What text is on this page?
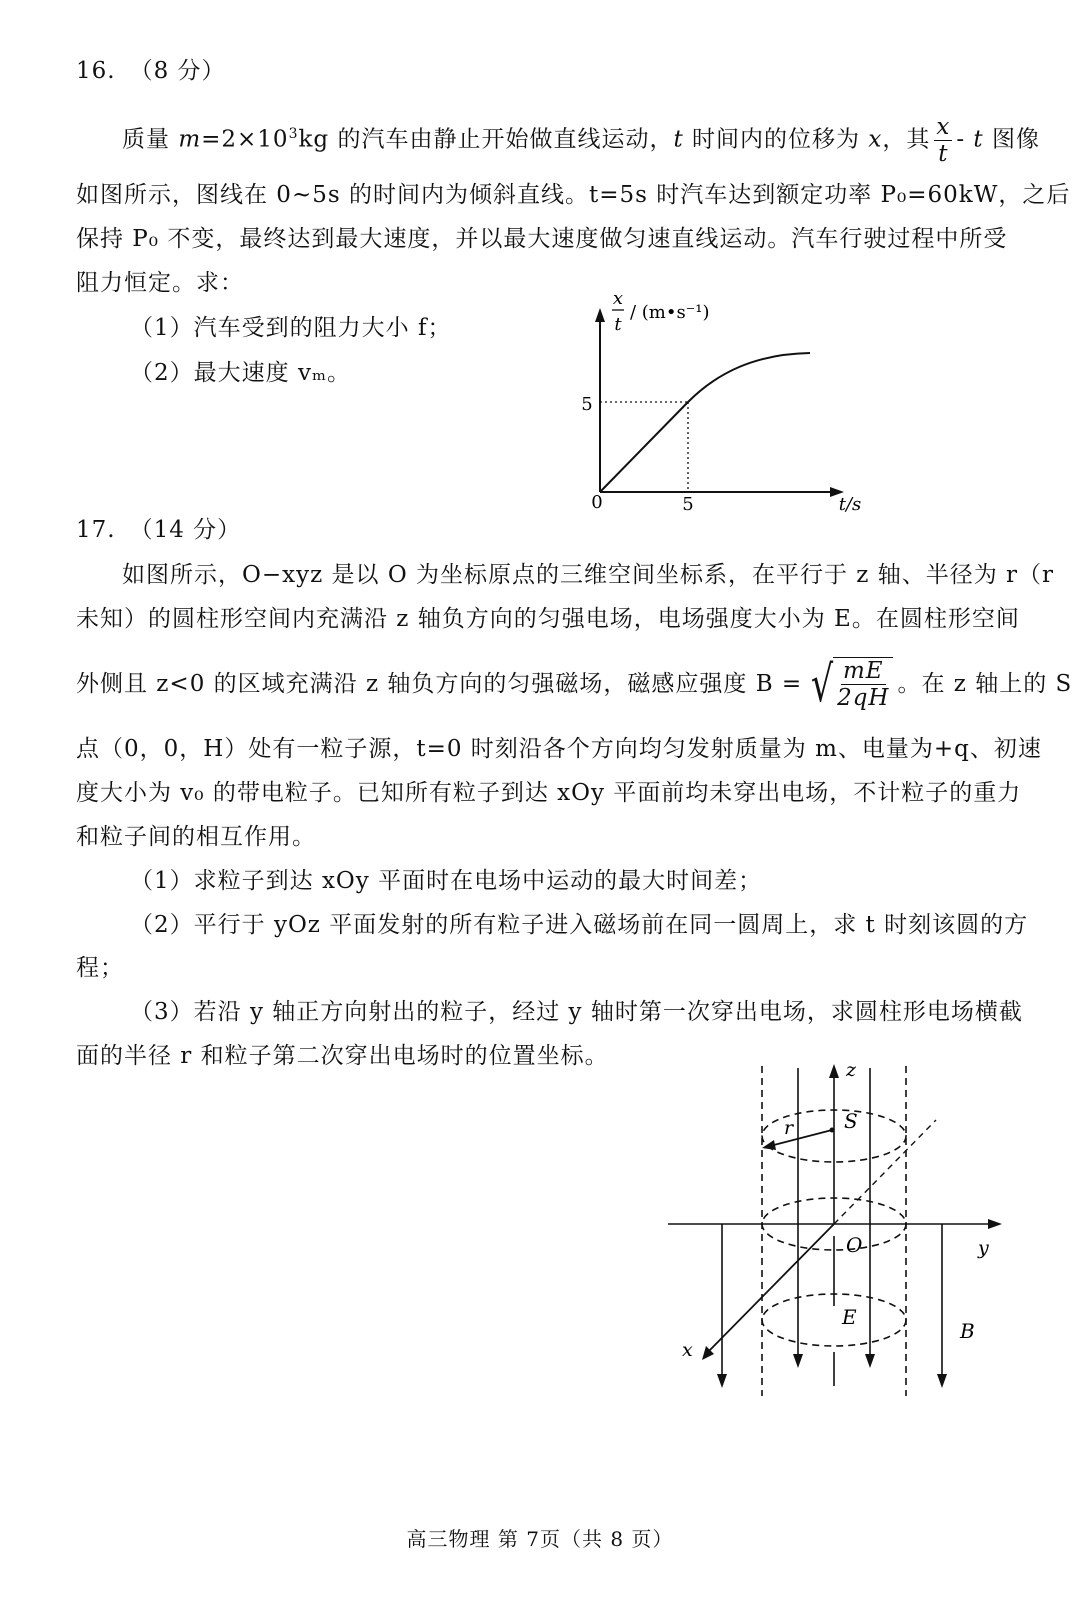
16. （8 分）
质量 $m=2\times 10^3kg$ 的汽车由静止开始做直线运动，t 时间内的位移为 x，其 $\frac{x}{t}$ - t 图像
如图所示，图线在 0~5s 的时间内为倾斜直线。t=5s 时汽车达到额定功率 P₀=60kW，之后
保持 P₀ 不变，最终达到最大速度，并以最大速度做匀速直线运动。汽车行驶过程中所受
阻力恒定。求：
（1）汽车受到的阻力大小 f；
（2）最大速度 vₘ。
x
t
/ (m•s⁻¹)
5
0	5	t/s
17. （14 分）
如图所示，O−xyz 是以 O 为坐标原点的三维空间坐标系，在平行于 z 轴、半径为 r（r
未知）的圆柱形空间内充满沿 z 轴负方向的匀强电场，电场强度大小为 E。在圆柱形空间
外侧且 z<0 的区域充满沿 z 轴负方向的匀强磁场，磁感应强度 B = √
$\frac{mE}{2qH}$ 。在 z 轴上的 S
点（0，0，H）处有一粒子源，t=0 时刻沿各个方向均匀发射质量为 m、电量为+q、初速
度大小为 v₀ 的带电粒子。已知所有粒子到达 xOy 平面前均未穿出电场，不计粒子的重力
和粒子间的相互作用。
（1）求粒子到达 xOy 平面时在电场中运动的最大时间差；
（2）平行于 yOz 平面发射的所有粒子进入磁场前在同一圆周上，求 t 时刻该圆的方
程；
（3）若沿 y 轴正方向射出的粒子，经过 y 轴时第一次穿出电场，求圆柱形电场横截
面的半径 r 和粒子第二次穿出电场时的位置坐标。
z
S
r
O	y
x
E
B
高三物理 第 7页（共 8 页）
